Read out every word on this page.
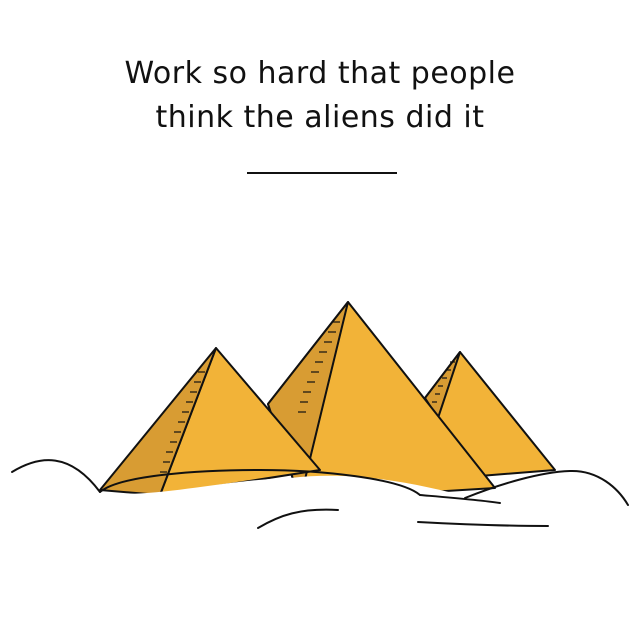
Work so hard that people

think the aliens did it
